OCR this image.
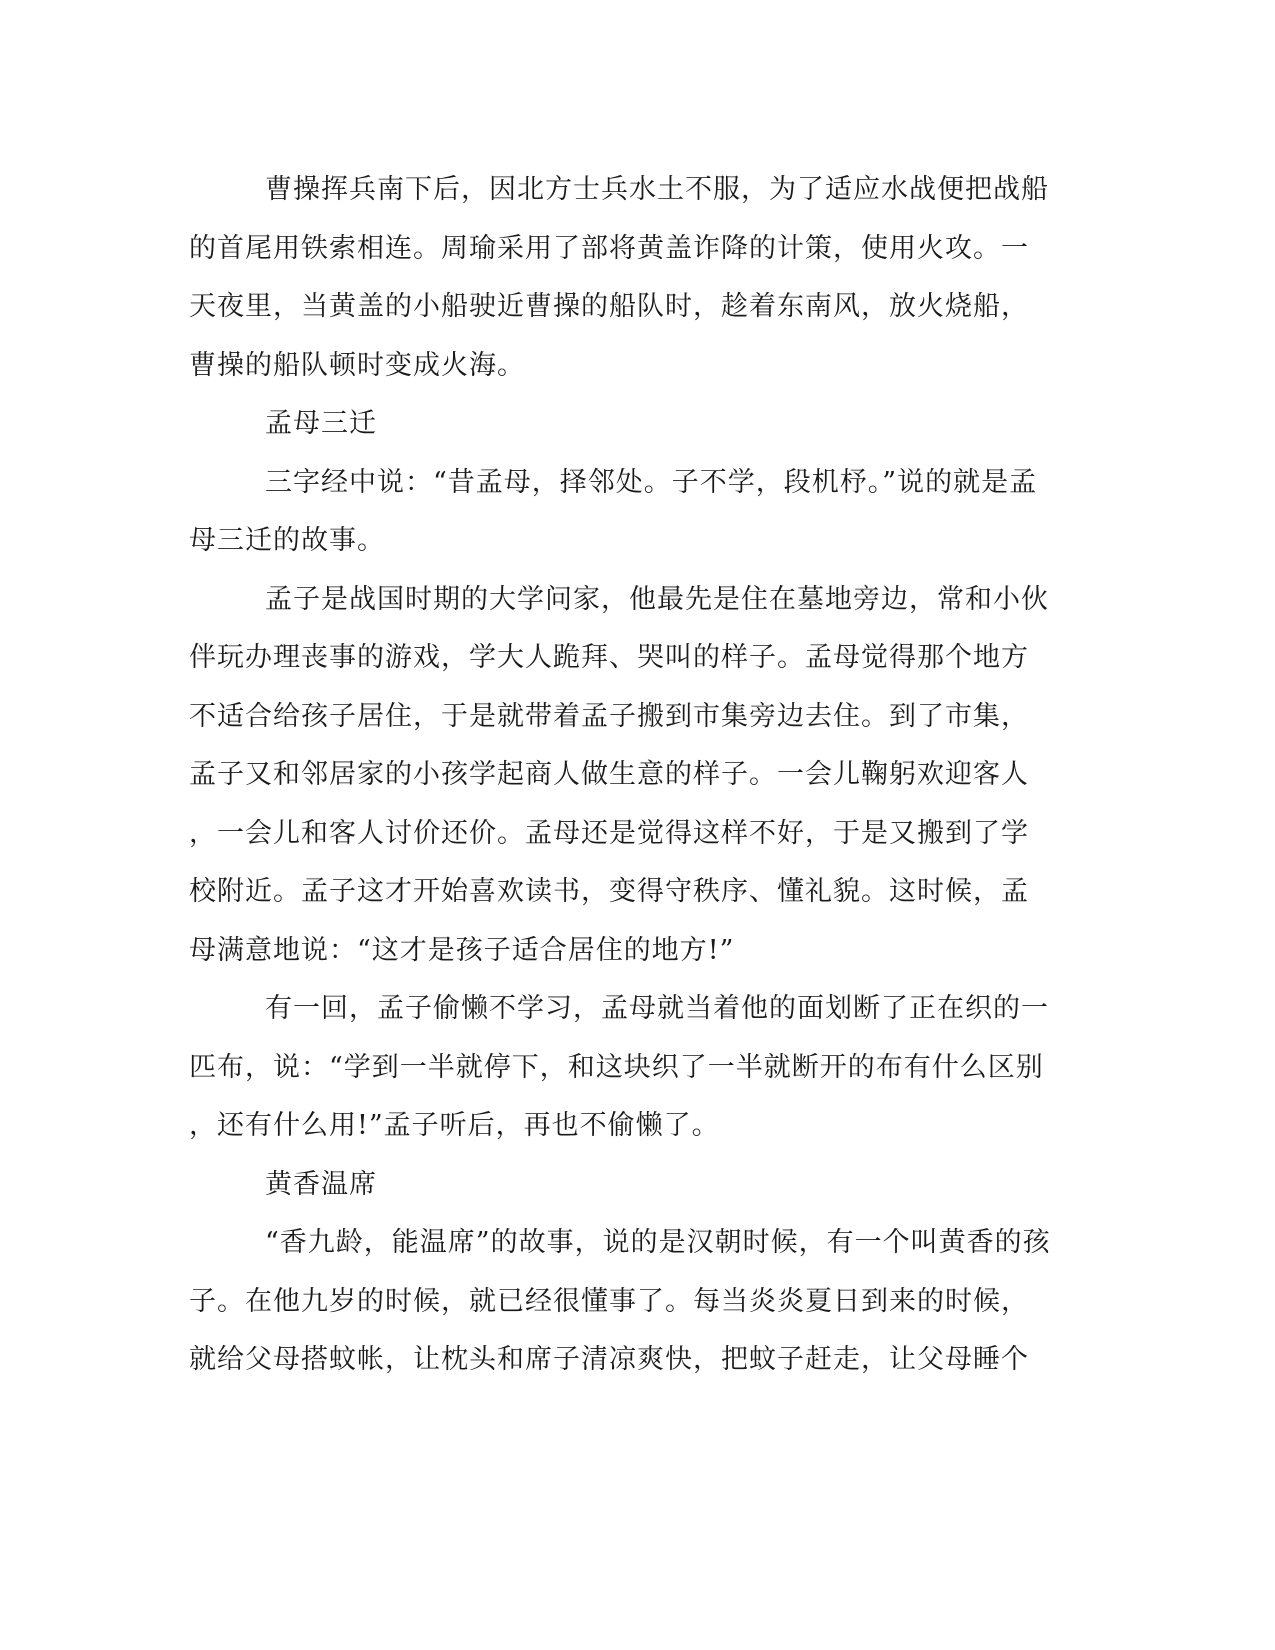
曹操挥兵南下后，因北方士兵水土不服，为了适应水战便把战船
的首尾用铁索相连。周瑜采用了部将黄盖诈降的计策，使用火攻。一
天夜里，当黄盖的小船驶近曹操的船队时，趁着东南风，放火烧船，
曹操的船队顿时变成火海。
孟母三迁
三字经中说：“昔孟母，择邻处。子不学，段机杼。”说的就是孟
母三迁的故事。
孟子是战国时期的大学问家，他最先是住在墓地旁边，常和小伙
伴玩办理丧事的游戏，学大人跪拜、哭叫的样子。孟母觉得那个地方
不适合给孩子居住，于是就带着孟子搬到市集旁边去住。到了市集，
孟子又和邻居家的小孩学起商人做生意的样子。一会儿鞠躬欢迎客人
，一会儿和客人讨价还价。孟母还是觉得这样不好，于是又搬到了学
校附近。孟子这才开始喜欢读书，变得守秩序、懂礼貌。这时候，孟
母满意地说：“这才是孩子适合居住的地方!”
有一回，孟子偷懒不学习，孟母就当着他的面划断了正在织的一
匹布，说：“学到一半就停下，和这块织了一半就断开的布有什么区别
，还有什么用!”孟子听后，再也不偷懒了。
黄香温席
“香九龄，能温席”的故事，说的是汉朝时候，有一个叫黄香的孩
子。在他九岁的时候，就已经很懂事了。每当炎炎夏日到来的时候，
就给父母搭蚊帐，让枕头和席子清凉爽快，把蚊子赶走，让父母睡个
